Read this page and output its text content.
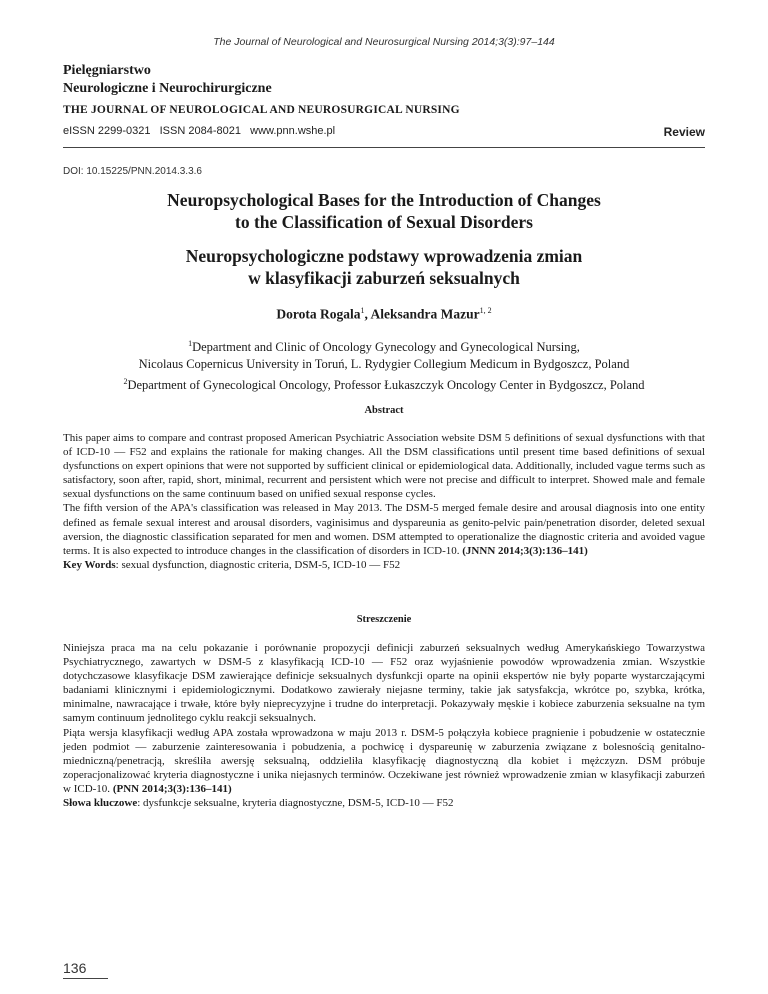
The Journal of Neurological and Neurosurgical Nursing 2014;3(3):97–144
Pielęgniarstwo
Neurologiczne i Neurochirurgiczne
THE JOURNAL OF NEUROLOGICAL AND NEUROSURGICAL NURSING
eISSN 2299-0321   ISSN 2084-8021   www.pnn.wshe.pl	Review
DOI: 10.15225/PNN.2014.3.3.6
Neuropsychological Bases for the Introduction of Changes
to the Classification of Sexual Disorders
Neuropsychologiczne podstawy wprowadzenia zmian
w klasyfikacji zaburzeń seksualnych
Dorota Rogala$^1$, Aleksandra Mazur$^{1, 2}$
$^1$Department and Clinic of Oncology Gynecology and Gynecological Nursing,
Nicolaus Copernicus University in Toruń, L. Rydygier Collegium Medicum in Bydgoszcz, Poland
$^2$Department of Gynecological Oncology, Professor Łukaszczyk Oncology Center in Bydgoszcz, Poland
Abstract

This paper aims to compare and contrast proposed American Psychiatric Association website DSM 5 definitions of sexual dysfunctions with that of ICD-10 — F52 and explains the rationale for making changes. All the DSM classifications until present time based definitions of sexual dysfunctions on expert opinions that were not supported by sufficient clinical or epidemiological data. Additionally, included vague terms such as satisfactory, soon after, rapid, short, minimal, recurrent and persistent which were not precise and difficult to interpret. Showed male and female sexual dysfunctions on the same continuum based on unified sexual response cycles.

The fifth version of the APA's classification was released in May 2013. The DSM-5 merged female desire and arousal diagnosis into one entity defined as female sexual interest and arousal disorders, vaginisimus and dyspareunia as genito-pelvic pain/penetration disorder, deleted sexual aversion, the diagnostic classification separated for men and women. DSM attempted to operationalize the diagnostic criteria and avoided vague terms. It is also expected to introduce changes in the classification of disorders in ICD-10. (JNNN 2014;3(3):136–141)

Key Words: sexual dysfunction, diagnostic criteria, DSM-5, ICD-10 — F52

Streszczenie

Niniejsza praca ma na celu pokazanie i porównanie propozycji definicji zaburzeń seksualnych według Amerykańskiego Towarzystwa Psychiatrycznego, zawartych w DSM-5 z klasyfikacją ICD-10 — F52 oraz wyjaśnienie powodów wprowadzenia zmian. Wszystkie dotychczasowe klasyfikacje DSM zawierające definicje seksualnych dysfunkcji oparte na opinii ekspertów nie były poparte wystarczającymi badaniami klinicznymi i epidemiologicznymi. Dodatkowo zawierały niejasne terminy, takie jak satysfakcja, wkrótce po, szybka, krótka, minimalne, nawracające i trwałe, które były nieprecyzyjne i trudne do interpretacji. Pokazywały męskie i kobiece zaburzenia seksualne na tym samym continuum jednolitego cyklu reakcji seksualnych.

Piąta wersja klasyfikacji według APA została wprowadzona w maju 2013 r. DSM-5 połączyła kobiece pragnienie i pobudzenie w ostatecznie jeden podmiot — zaburzenie zainteresowania i pobudzenia, a pochwicę i dyspareunię w zaburzenia związane z bolesnością genitalno-miedniczną/penetracją, skreśliła awersję seksualną, oddzieliła klasyfikację diagnostyczną dla kobiet i mężczyzn. DSM próbuje zoperacjonalizować kryteria diagnostyczne i unika niejasnych terminów. Oczekiwane jest również wprowadzenie zmian w klasyfikacji zaburzeń w ICD-10. (PNN 2014;3(3):136–141)

Słowa kluczowe: dysfunkcje seksualne, kryteria diagnostyczne, DSM-5, ICD-10 — F52

136
